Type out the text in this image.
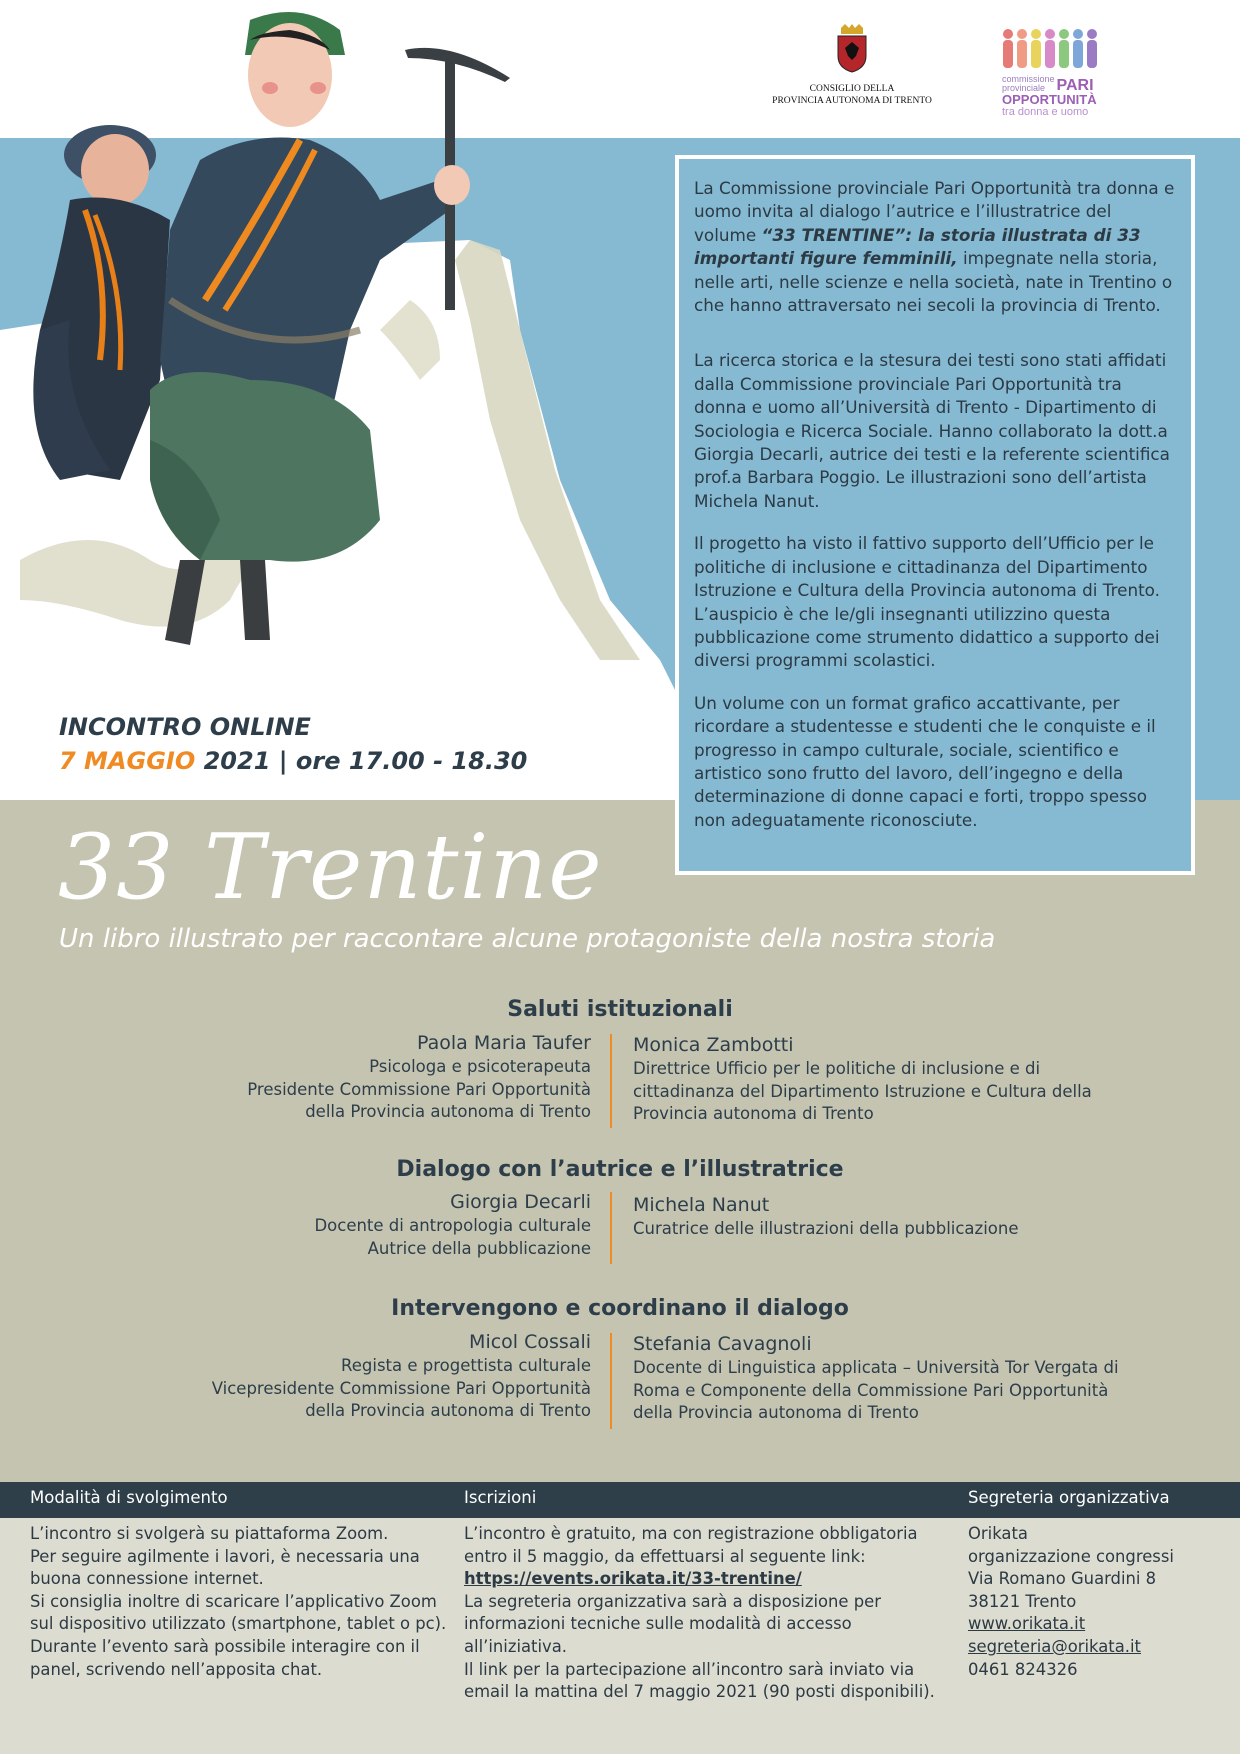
CONSIGLIO DELLA
PROVINCIA AUTONOMA DI TRENTO
commissione
provinciale PARI
OPPORTUNITÀ
tra donna e uomo

La Commissione provinciale Pari Opportunità tra donna e uomo invita al dialogo l’autrice e l’illustratrice del volume “33 TRENTINE”: la storia illustrata di 33 importanti figure femminili, impegnate nella storia, nelle arti, nelle scienze e nella società, nate in Trentino o che hanno attraversato nei secoli la provincia di Trento.

La ricerca storica e la stesura dei testi sono stati affidati dalla Commissione provinciale Pari Opportunità tra donna e uomo all’Università di Trento - Dipartimento di Sociologia e Ricerca Sociale. Hanno collaborato la dott.a Giorgia Decarli, autrice dei testi e la referente scientifica prof.a Barbara Poggio. Le illustrazioni sono dell’artista Michela Nanut.

Il progetto ha visto il fattivo supporto dell’Ufficio per le politiche di inclusione e cittadinanza del Dipartimento Istruzione e Cultura della Provincia autonoma di Trento. L’auspicio è che le/gli insegnanti utilizzino questa pubblicazione come strumento didattico a supporto dei diversi programmi scolastici.

Un volume con un format grafico accattivante, per ricordare a studentesse e studenti che le conquiste e il progresso in campo culturale, sociale, scientifico e artistico sono frutto del lavoro, dell’ingegno e della determinazione di donne capaci e forti, troppo spesso non adeguatamente riconosciute.

INCONTRO ONLINE
7 MAGGIO 2021 | ore 17.00 - 18.30
33 Trentine
Un libro illustrato per raccontare alcune protagoniste della nostra storia
Saluti istituzionali
Paola Maria Taufer
Psicologa e psicoterapeuta
Presidente Commissione Pari Opportunità
della Provincia autonoma di Trento
Monica Zambotti
Direttrice Ufficio per le politiche di inclusione e di
cittadinanza del Dipartimento Istruzione e Cultura della
Provincia autonoma di Trento
Dialogo con l’autrice e l’illustratrice
Giorgia Decarli
Docente di antropologia culturale
Autrice della pubblicazione
Michela Nanut
Curatrice delle illustrazioni della pubblicazione
Intervengono e coordinano il dialogo
Micol Cossali
Regista e progettista culturale
Vicepresidente Commissione Pari Opportunità
della Provincia autonoma di Trento
Stefania Cavagnoli
Docente di Linguistica applicata – Università Tor Vergata di
Roma e Componente della Commissione Pari Opportunità
della Provincia autonoma di Trento
Modalità di svolgimento	Iscrizioni	Segreteria organizzativa
L’incontro si svolgerà su piattaforma Zoom.
Per seguire agilmente i lavori, è necessaria una
buona connessione internet.
Si consiglia inoltre di scaricare l’applicativo Zoom
sul dispositivo utilizzato (smartphone, tablet o pc).
Durante l’evento sarà possibile interagire con il
panel, scrivendo nell’apposita chat.
L’incontro è gratuito, ma con registrazione obbligatoria
entro il 5 maggio, da effettuarsi al seguente link:
https://events.orikata.it/33-trentine/
La segreteria organizzativa sarà a disposizione per
informazioni tecniche sulle modalità di accesso
all’iniziativa.
Il link per la partecipazione all’incontro sarà inviato via
email la mattina del 7 maggio 2021 (90 posti disponibili).
Orikata
organizzazione congressi
Via Romano Guardini 8
38121 Trento
www.orikata.it
segreteria@orikata.it
0461 824326
